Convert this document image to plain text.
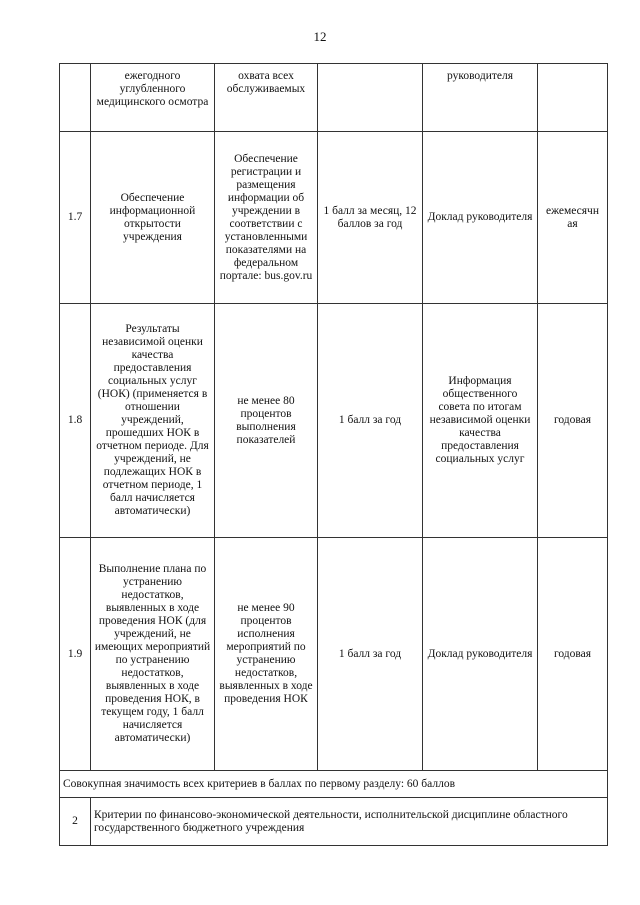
12
	ежегодного углубленного медицинского осмотра	охвата всех обслуживаемых		руководителя	
1.7	Обеспечение информационной открытости учреждения	Обеспечение регистрации и размещения информации об учреждении в соответствии с установленными показателями на федеральном портале: bus.gov.ru	1 балл за месяц, 12 баллов за год	Доклад руководителя	ежемесячн ая
1.8	Результаты независимой оценки качества предоставления социальных услуг (НОК) (применяется в отношении учреждений, прошедших НОК в отчетном периоде. Для учреждений, не подлежащих НОК в отчетном периоде, 1 балл начисляется автоматически)	не менее 80 процентов выполнения показателей	1 балл за год	Информация общественного совета по итогам независимой оценки качества предоставления социальных услуг	годовая
1.9	Выполнение плана по устранению недостатков, выявленных в ходе проведения НОК (для учреждений, не имеющих мероприятий по устранению недостатков, выявленных в ходе проведения НОК, в текущем году, 1 балл начисляется автоматически)	не менее 90 процентов исполнения мероприятий по устранению недостатков, выявленных в ходе проведения НОК	1 балл за год	Доклад руководителя	годовая
Совокупная значимость всех критериев в баллах по первому разделу: 60 баллов					
2	Критерии по финансово-экономической деятельности, исполнительской дисциплине областного государственного бюджетного учреждения				
